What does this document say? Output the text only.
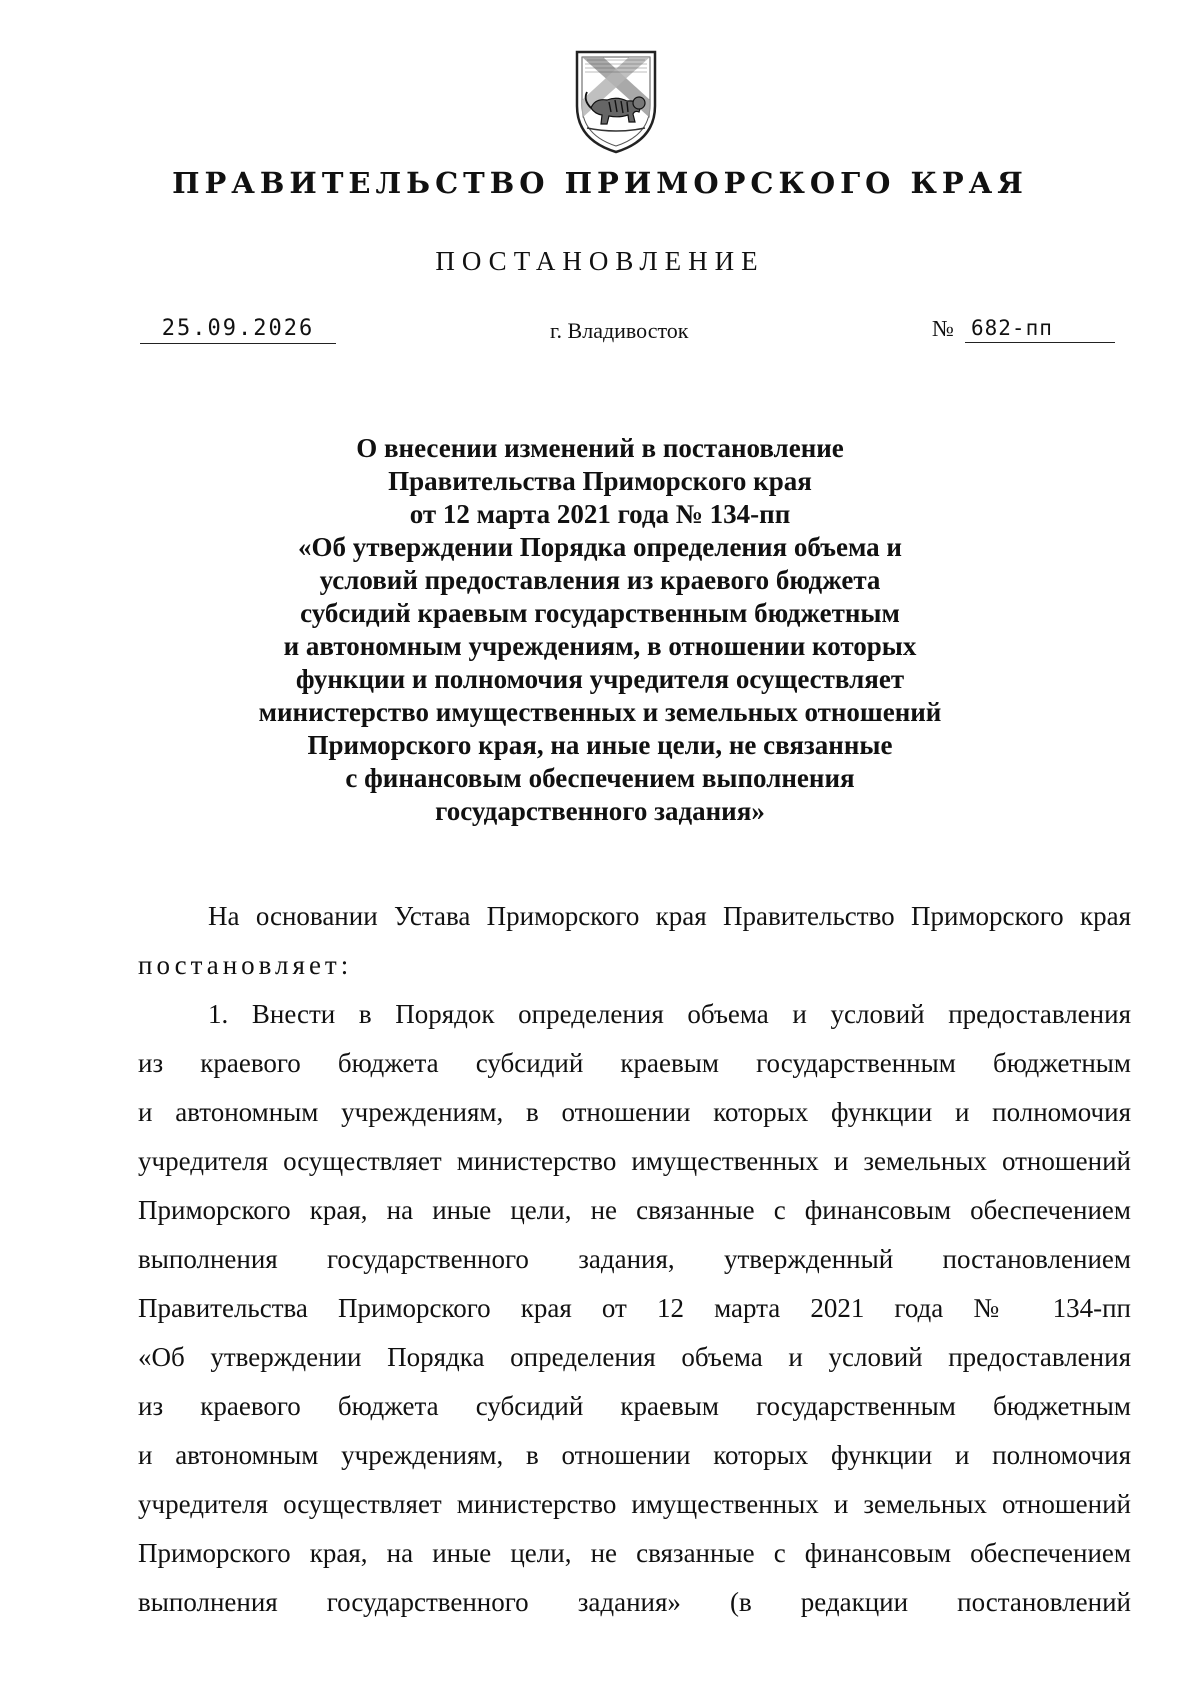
ПРАВИТЕЛЬСТВО ПРИМОРСКОГО КРАЯ
ПОСТАНОВЛЕНИЕ
25.09.2026	г. Владивосток	№ 682-пп
О внесении изменений в постановление
Правительства Приморского края
от 12 марта 2021 года № 134-пп
«Об утверждении Порядка определения объема и
условий предоставления из краевого бюджета
субсидий краевым государственным бюджетным
и автономным учреждениям, в отношении которых
функции и полномочия учредителя осуществляет
министерство имущественных и земельных отношений
Приморского края, на иные цели, не связанные
с финансовым обеспечением выполнения
государственного задания»
На основании Устава Приморского края Правительство Приморского края
постановляет:
1. Внести в Порядок определения объема и условий предоставления
из краевого бюджета субсидий краевым государственным бюджетным
и автономным учреждениям, в отношении которых функции и полномочия
учредителя осуществляет министерство имущественных и земельных отношений
Приморского края, на иные цели, не связанные с финансовым обеспечением
выполнения государственного задания, утвержденный постановлением
Правительства Приморского края от 12 марта 2021 года № 134-пп
«Об утверждении Порядка определения объема и условий предоставления
из краевого бюджета субсидий краевым государственным бюджетным
и автономным учреждениям, в отношении которых функции и полномочия
учредителя осуществляет министерство имущественных и земельных отношений
Приморского края, на иные цели, не связанные с финансовым обеспечением
выполнения государственного задания» (в редакции постановлений
